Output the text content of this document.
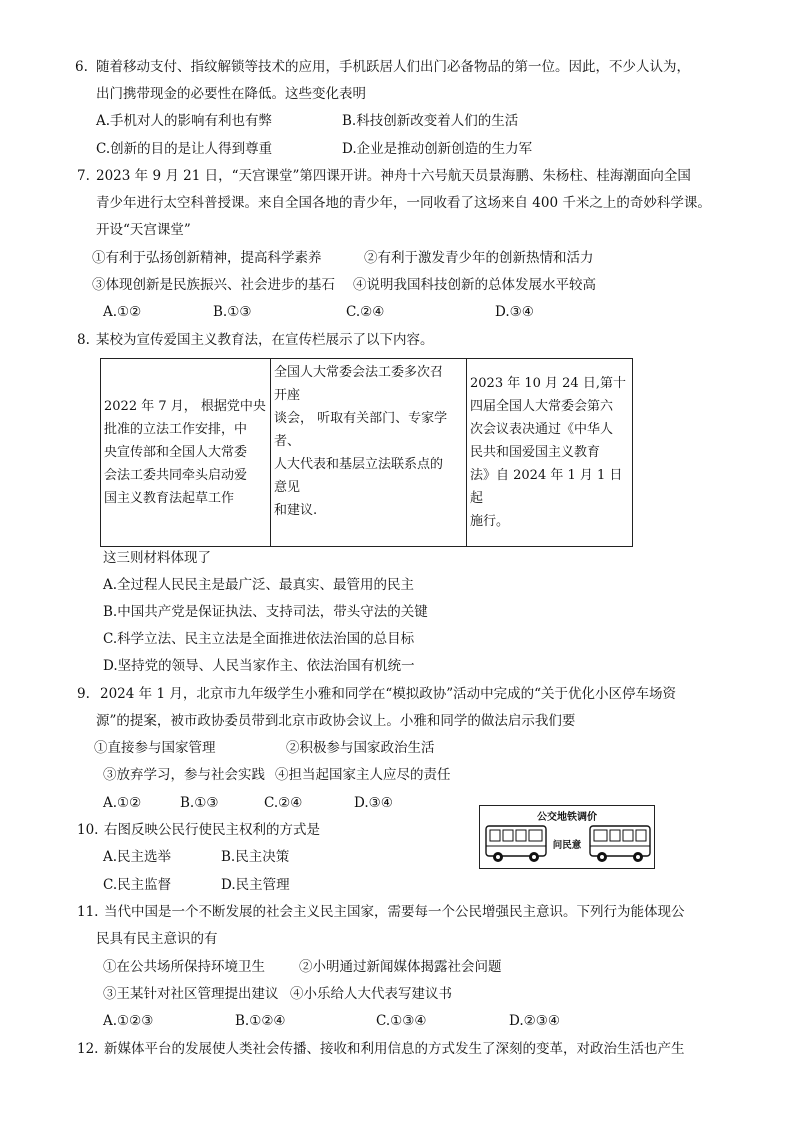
6. 随着移动支付、指纹解锁等技术的应用，手机跃居人们出门必备物品的第一位。因此，不少人认为，
出门携带现金的必要性在降低。这些变化表明
A.手机对人的影响有利也有弊	B.科技创新改变着人们的生活
C.创新的目的是让人得到尊重	D.企业是推动创新创造的生力军
7. 2023 年 9 月 21 日，“天宫课堂”第四课开讲。神舟十六号航天员景海鹏、朱杨柱、桂海潮面向全国
青少年进行太空科普授课。来自全国各地的青少年，一同收看了这场来自 400 千米之上的奇妙科学课。
开设“天宫课堂”
①有利于弘扬创新精神，提高科学素养	②有利于激发青少年的创新热情和活力
③体现创新是民族振兴、社会进步的基石 ④说明我国科技创新的总体发展水平较高
A.①②	B.①③	C.②④	D.③④
8. 某校为宣传爱国主义教育法，在宣传栏展示了以下内容。
2022 年 7 月， 根据党中央
批准的立法工作安排，中
央宣传部和全国人大常委
会法工委共同牵头启动爱
国主义教育法起草工作

全国人大常委会法工委多次召
开座
谈会， 听取有关部门、专家学
者、
人大代表和基层立法联系点的
意见
和建议.

2023 年 10 月 24 日,第十
四届全国人大常委会第六
次会议表决通过《中华人
民共和国爱国主义教育
法》自 2024 年 1 月 1 日起
施行。
这三则材料体现了
A.全过程人民民主是最广泛、最真实、最管用的民主
B.中国共产党是保证执法、支持司法，带头守法的关键
C.科学立法、民主立法是全面推进依法治国的总目标
D.坚持党的领导、人民当家作主、依法治国有机统一
9. 2024 年 1 月，北京市九年级学生小雅和同学在“模拟政协”活动中完成的“关于优化小区停车场资
源”的提案，被市政协委员带到北京市政协会议上。小雅和同学的做法启示我们要
①直接参与国家管理	②积极参与国家政治生活
③放弃学习，参与社会实践 ④担当起国家主人应尽的责任
A.①②	B.①③	C.②④	D.③④
10. 右图反映公民行使民主权利的方式是
A.民主选举	B.民主决策
C.民主监督	D.民主管理
公交地铁调价
问民意
11. 当代中国是一个不断发展的社会主义民主国家，需要每一个公民增强民主意识。下列行为能体现公
民具有民主意识的有
①在公共场所保持环境卫生	②小明通过新闻媒体揭露社会问题
③王某针对社区管理提出建议 ④小乐给人大代表写建议书
A.①②③	B.①②④	C.①③④	D.②③④
12. 新媒体平台的发展使人类社会传播、接收和利用信息的方式发生了深刻的变革，对政治生活也产生
